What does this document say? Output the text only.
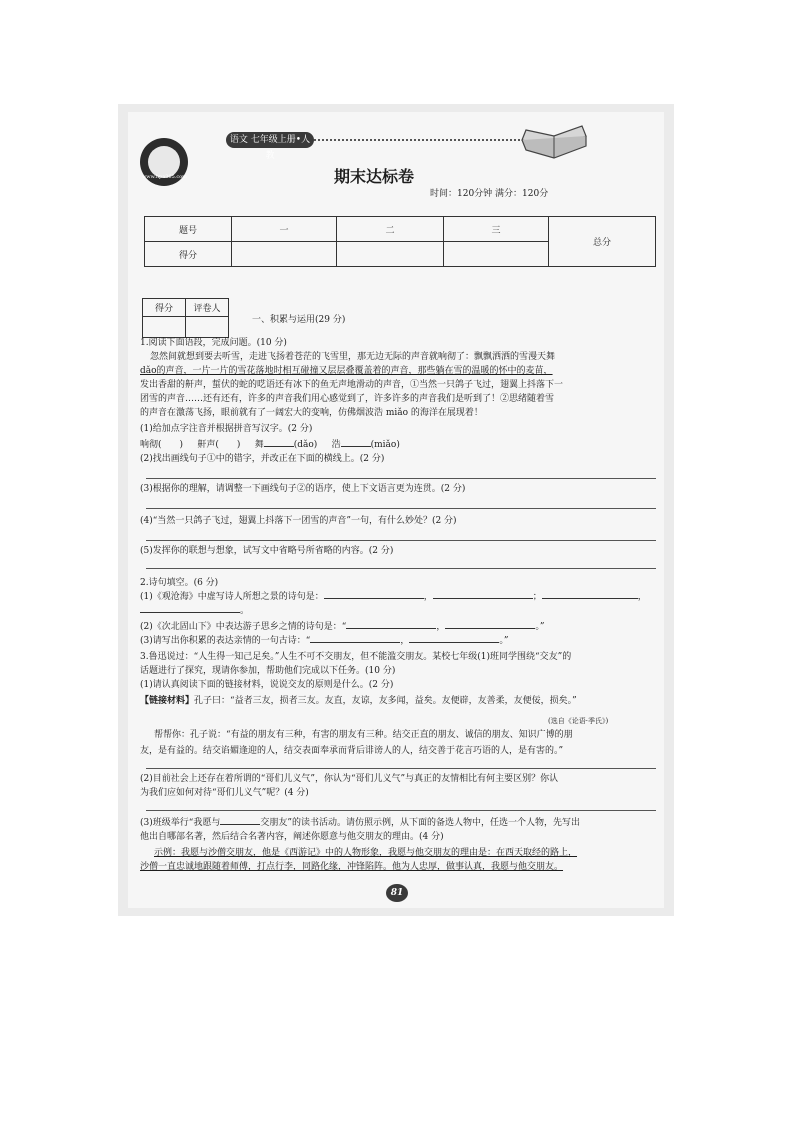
www.hpa365.com
语文 七年级上册•人教
期末达标卷
时间：120分钟 满分：120分
题号	一	二	三	总分
得分				
得分	评卷人

一、积累与运用(29 分)
1.阅读下面语段，完成问题。(10 分)
忽然间就想到要去听雪，走进飞扬着苍茫的飞雪里，那无边无际的声音就响彻了：飘飘洒洒的雪漫天舞
dǎo的声音，一片一片的雪花落地时相互碰撞又层层叠覆盖着的声音，那些躺在雪的温暖的怀中的麦苗，
发出香甜的鼾声，蜇伏的蛇的呓语还有冰下的鱼无声地滑动的声音，①当然一只鸽子飞过，翅翼上抖落下一
团雪的声音……还有还有，许多的声音我们用心感觉到了，许多许多的声音我们是听到了！②思绪随着雪
的声音在激荡飞扬，眼前就有了一阔宏大的变响，仿佛烟波浩 miǎo 的海洋在展现着！
(1)给加点字注音并根据拼音写汉字。(2 分)
响彻(　　) 鼾声(　　) 舞	(dǎo) 浩	(miǎo)
(2)找出画线句子①中的错字，并改正在下面的横线上。(2 分)
(3)根据你的理解，请调整一下画线句子②的语序，使上下文语言更为连贯。(2 分)
(4)“当然一只鸽子飞过，翅翼上抖落下一团雪的声音”一句，有什么妙处？(2 分)
(5)发挥你的联想与想象，试写文中省略号所省略的内容。(2 分)
2.诗句填空。(6 分)
(1)《观沧海》中虚写诗人所想之景的诗句是：	，	；	，
。
(2)《次北固山下》中表达游子思乡之情的诗句是：“	，	。”
(3)请写出你积累的表达亲情的一句古诗：“	，	。”
3.鲁迅说过：“人生得一知己足矣。”人生不可不交朋友，但不能滥交朋友。某校七年级(1)班同学围绕“交友”的
话题进行了探究，现请你参加，帮助他们完成以下任务。(10 分)
(1)请认真阅读下面的链接材料，说说交友的原则是什么。(2 分)
【链接材料】孔子曰：“益者三友，损者三友。友直，友谅，友多闻，益矣。友便辟，友善柔，友便佞，损矣。”
(选自《论语·季氏》)
帮帮你：孔子说：“有益的朋友有三种，有害的朋友有三种。结交正直的朋友、诚信的朋友、知识广博的朋
友，是有益的。结交谄媚逢迎的人，结交表面奉承而背后诽谤人的人，结交善于花言巧语的人，是有害的。”
(2)目前社会上还存在着所谓的“哥们儿义气”，你认为“哥们儿义气”与真正的友情相比有何主要区别？你认
为我们应如何对待“哥们儿义气”呢？(4 分)
(3)班级举行“我愿与	交朋友”的读书活动。请仿照示例，从下面的备选人物中，任选一个人物，先写出
他出自哪部名著，然后结合名著内容，阐述你愿意与他交朋友的理由。(4 分)
示例：我愿与沙僧交朋友，他是《西游记》中的人物形象，我愿与他交朋友的理由是：在西天取经的路上，
沙僧一直忠诚地跟随着师傅，打点行李，同路化缘，冲锋陷阵。他为人忠厚，做事认真，我愿与他交朋友。
81
